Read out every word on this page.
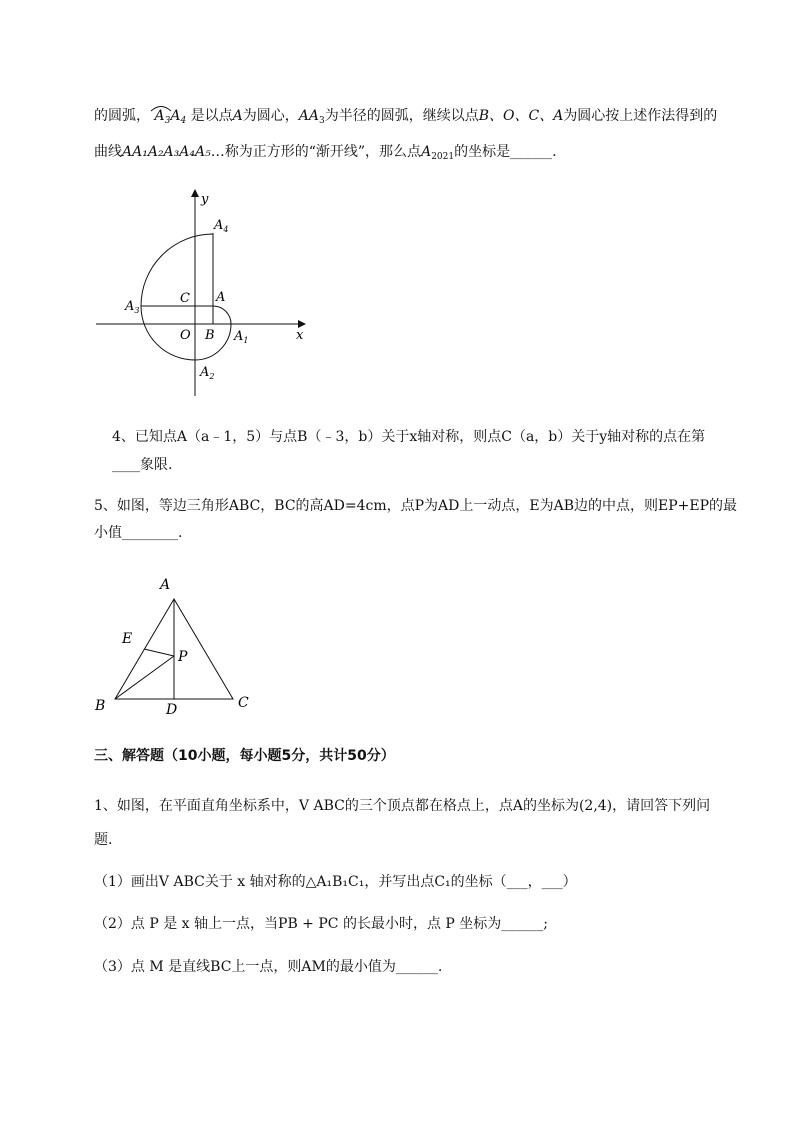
的圆弧， $A_3A_4$ 是以点A为圆心，$AA_3$为半径的圆弧，继续以点B、O、C、A为圆心按上述作法得到的
曲线AA₁A₂A₃A₄A₅…称为正方形的“渐开线”，那么点$A_{2021}$的坐标是______.
y
x
$A_4$
C A
$A_3$
O B $A_1$
$A_2$
A
E
P
B	D	C
4、已知点A（a﹣1，5）与点B（﹣3，b）关于x轴对称，则点C（a，b）关于y轴对称的点在第
____象限.
5、如图，等边三角形ABC，BC的高AD=4cm，点P为AD上一动点，E为AB边的中点，则EP+EP的最
小值________.
三、解答题（10小题，每小题5分，共计50分）
1、如图，在平面直角坐标系中，V ABC的三个顶点都在格点上，点A的坐标为(2,4)，请回答下列问
题.
（1）画出V ABC关于 x 轴对称的△A₁B₁C₁，并写出点C₁的坐标（___，___）
（2）点 P 是 x 轴上一点，当PB + PC 的长最小时，点 P 坐标为______;
（3）点 M 是直线BC上一点，则AM的最小值为______.
